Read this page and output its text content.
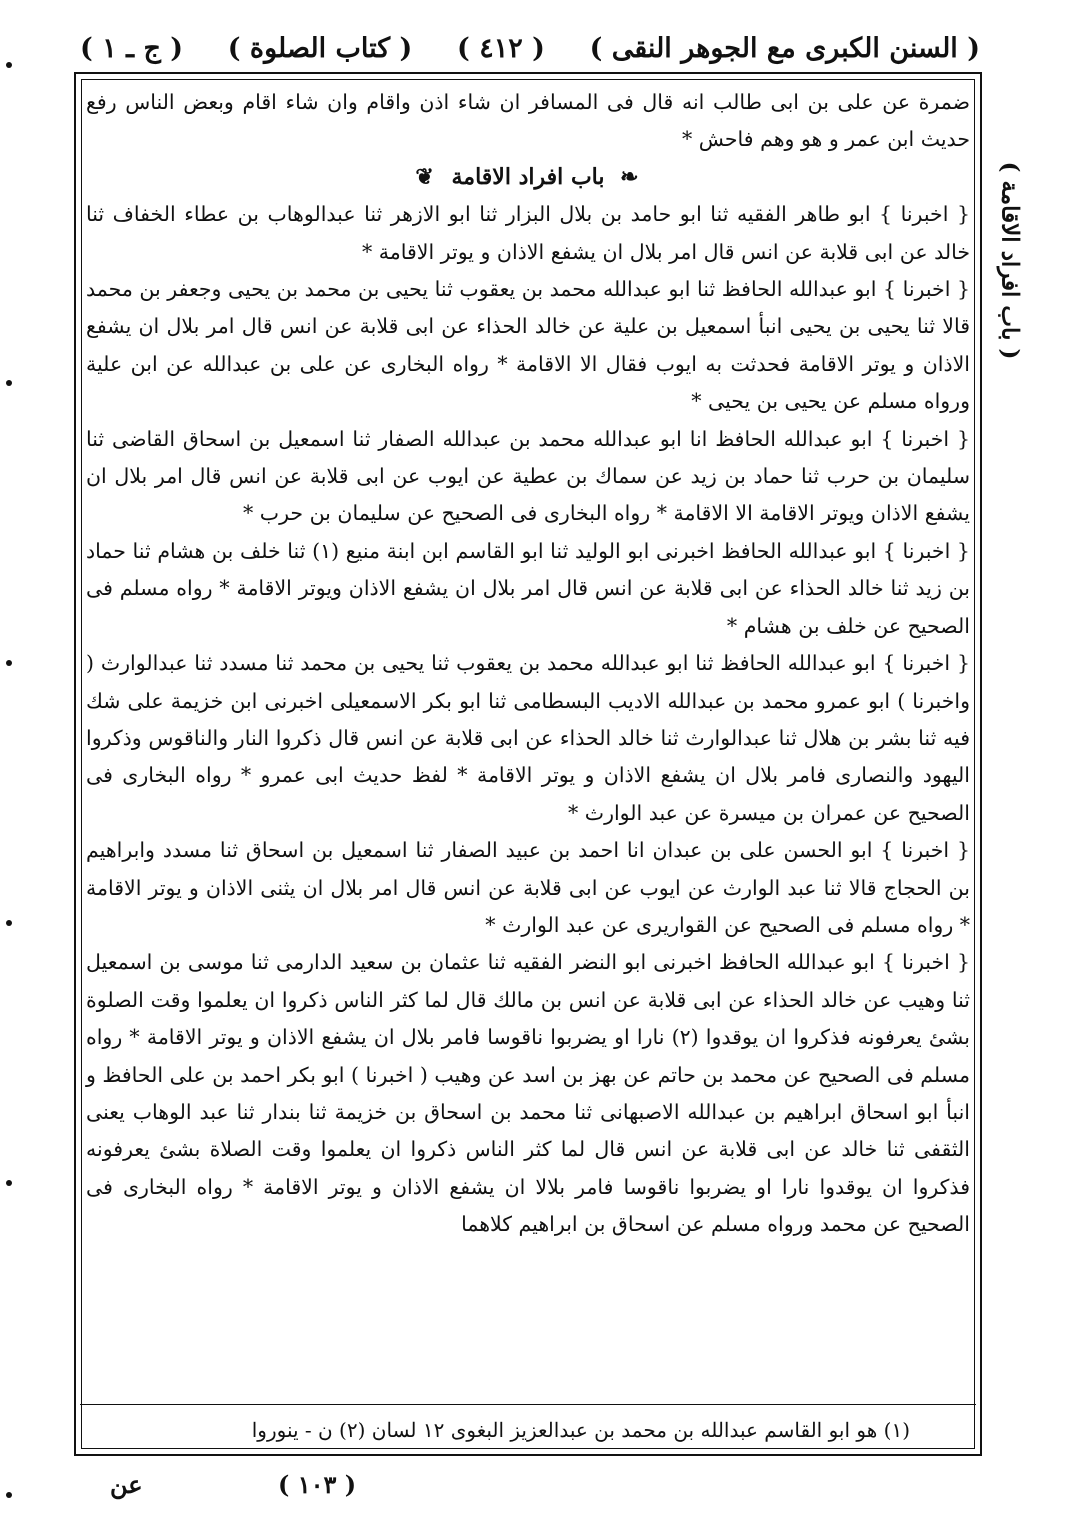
( السنن الكبرى مع الجوهر النقى )
( ٤١٢ )
( كتاب الصلوة )
( ج ـ ١ )
( باب افراد الاقامة )

ضمرة عن على بن ابى طالب انه قال فى المسافر ان شاء اذن واقام وان شاء اقام وبعض الناس رفع حديث ابن عمر و هو وهم فاحش *

❧ باب افراد الاقامة ❦

{ اخبرنا } ابو طاهر الفقيه ثنا ابو حامد بن بلال البزار ثنا ابو الازهر ثنا عبدالوهاب بن عطاء الخفاف ثنا خالد عن ابى قلابة عن انس قال امر بلال ان يشفع الاذان و يوتر الاقامة *

{ اخبرنا } ابو عبدالله الحافظ ثنا ابو عبدالله محمد بن يعقوب ثنا يحيى بن محمد بن يحيى وجعفر بن محمد قالا ثنا يحيى بن يحيى انبأ اسمعيل بن علية عن خالد الحذاء عن ابى قلابة عن انس قال امر بلال ان يشفع الاذان و يوتر الاقامة فحدثت به ايوب فقال الا الاقامة * رواه البخارى عن على بن عبدالله عن ابن علية ورواه مسلم عن يحيى بن يحيى *

{ اخبرنا } ابو عبدالله الحافظ انا ابو عبدالله محمد بن عبدالله الصفار ثنا اسمعيل بن اسحاق القاضى ثنا سليمان بن حرب ثنا حماد بن زيد عن سماك بن عطية عن ايوب عن ابى قلابة عن انس قال امر بلال ان يشفع الاذان ويوتر الاقامة الا الاقامة * رواه البخارى فى الصحيح عن سليمان بن حرب *

{ اخبرنا } ابو عبدالله الحافظ اخبرنى ابو الوليد ثنا ابو القاسم ابن ابنة منيع (١) ثنا خلف بن هشام ثنا حماد بن زيد ثنا خالد الحذاء عن ابى قلابة عن انس قال امر بلال ان يشفع الاذان ويوتر الاقامة * رواه مسلم فى الصحيح عن خلف بن هشام *

{ اخبرنا } ابو عبدالله الحافظ ثنا ابو عبدالله محمد بن يعقوب ثنا يحيى بن محمد ثنا مسدد ثنا عبدالوارث ( واخبرنا ) ابو عمرو محمد بن عبدالله الاديب البسطامى ثنا ابو بكر الاسمعيلى اخبرنى ابن خزيمة على شك فيه ثنا بشر بن هلال ثنا عبدالوارث ثنا خالد الحذاء عن ابى قلابة عن انس قال ذكروا النار والناقوس وذكروا اليهود والنصارى فامر بلال ان يشفع الاذان و يوتر الاقامة * لفظ حديث ابى عمرو * رواه البخارى فى الصحيح عن عمران بن ميسرة عن عبد الوارث *

{ اخبرنا } ابو الحسن على بن عبدان انا احمد بن عبيد الصفار ثنا اسمعيل بن اسحاق ثنا مسدد وابراهيم بن الحجاج قالا ثنا عبد الوارث عن ايوب عن ابى قلابة عن انس قال امر بلال ان يثنى الاذان و يوتر الاقامة * رواه مسلم فى الصحيح عن القواريرى عن عبد الوارث *

{ اخبرنا } ابو عبدالله الحافظ اخبرنى ابو النضر الفقيه ثنا عثمان بن سعيد الدارمى ثنا موسى بن اسمعيل ثنا وهيب عن خالد الحذاء عن ابى قلابة عن انس بن مالك قال لما كثر الناس ذكروا ان يعلموا وقت الصلوة بشئ يعرفونه فذكروا ان يوقدوا (٢) نارا او يضربوا ناقوسا فامر بلال ان يشفع الاذان و يوتر الاقامة * رواه مسلم فى الصحيح عن محمد بن حاتم عن بهز بن اسد عن وهيب ( اخبرنا ) ابو بكر احمد بن على الحافظ و انبأ ابو اسحاق ابراهيم بن عبدالله الاصبهانى ثنا محمد بن اسحاق بن خزيمة ثنا بندار ثنا عبد الوهاب يعنى الثقفى ثنا خالد عن ابى قلابة عن انس قال لما كثر الناس ذكروا ان يعلموا وقت الصلاة بشئ يعرفونه فذكروا ان يوقدوا نارا او يضربوا ناقوسا فامر بلالا ان يشفع الاذان و يوتر الاقامة * رواه البخارى فى الصحيح عن محمد ورواه مسلم عن اسحاق بن ابراهيم كلاهما

(١) هو ابو القاسم عبدالله بن محمد بن عبدالعزيز البغوى ١٢ لسان (٢) ن - ينوروا
عن	( ١٠٣ )
